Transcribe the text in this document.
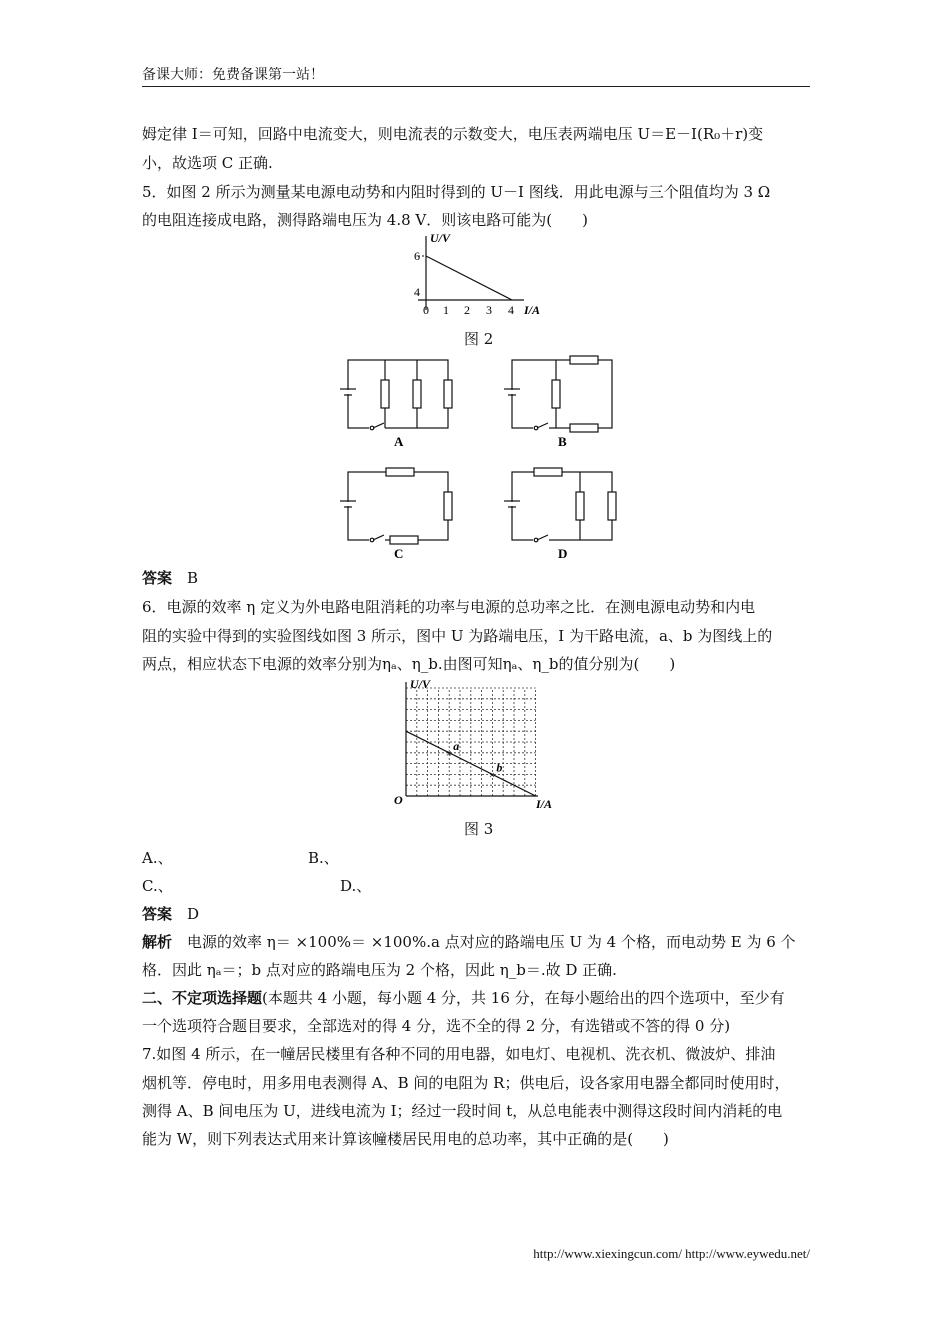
备课大师：免费备课第一站！
姆定律 I＝可知，回路中电流变大，则电流表的示数变大，电压表两端电压 U＝E－I(R₀＋r)变
小，故选项 C 正确.
5．如图 2 所示为测量某电源电动势和内阻时得到的 U－I 图线．用此电源与三个阻值均为 3 Ω
的电阻连接成电路，测得路端电压为 4.8 V．则该电路可能为(　　)
U/V
6
4
0 1 2 3 4 I/A
图 2
A	B
C	D
答案　 B
6．电源的效率 η 定义为外电路电阻消耗的功率与电源的总功率之比．在测电源电动势和内电
阻的实验中得到的实验图线如图 3 所示，图中 U 为路端电压，I 为干路电流，a、b 为图线上的
两点，相应状态下电源的效率分别为ηₐ、η_b.由图可知ηₐ、η_b的值分别为(　　)
×
×
U/V
I/A
O
a
b
图 3
A.、	B.、
C.、	D.、
答案　 D
解析　 电源的效率 η＝ ×100%＝ ×100%.a 点对应的路端电压 U 为 4 个格，而电动势 E 为 6 个
格．因此 ηₐ＝；b 点对应的路端电压为 2 个格，因此 η_b＝.故 D 正确.
二、不定项选择题(本题共 4 小题，每小题 4 分，共 16 分，在每小题给出的四个选项中，至少有
一个选项符合题目要求，全部选对的得 4 分，选不全的得 2 分，有选错或不答的得 0 分)
7.如图 4 所示，在一幢居民楼里有各种不同的用电器，如电灯、电视机、洗衣机、微波炉、排油
烟机等．停电时，用多用电表测得 A、B 间的电阻为 R；供电后，设各家用电器全都同时使用时，
测得 A、B 间电压为 U，进线电流为 I；经过一段时间 t，从总电能表中测得这段时间内消耗的电
能为 W，则下列表达式用来计算该幢楼居民用电的总功率，其中正确的是(　　)
http://www.xiexingcun.com/ http://www.eywedu.net/
